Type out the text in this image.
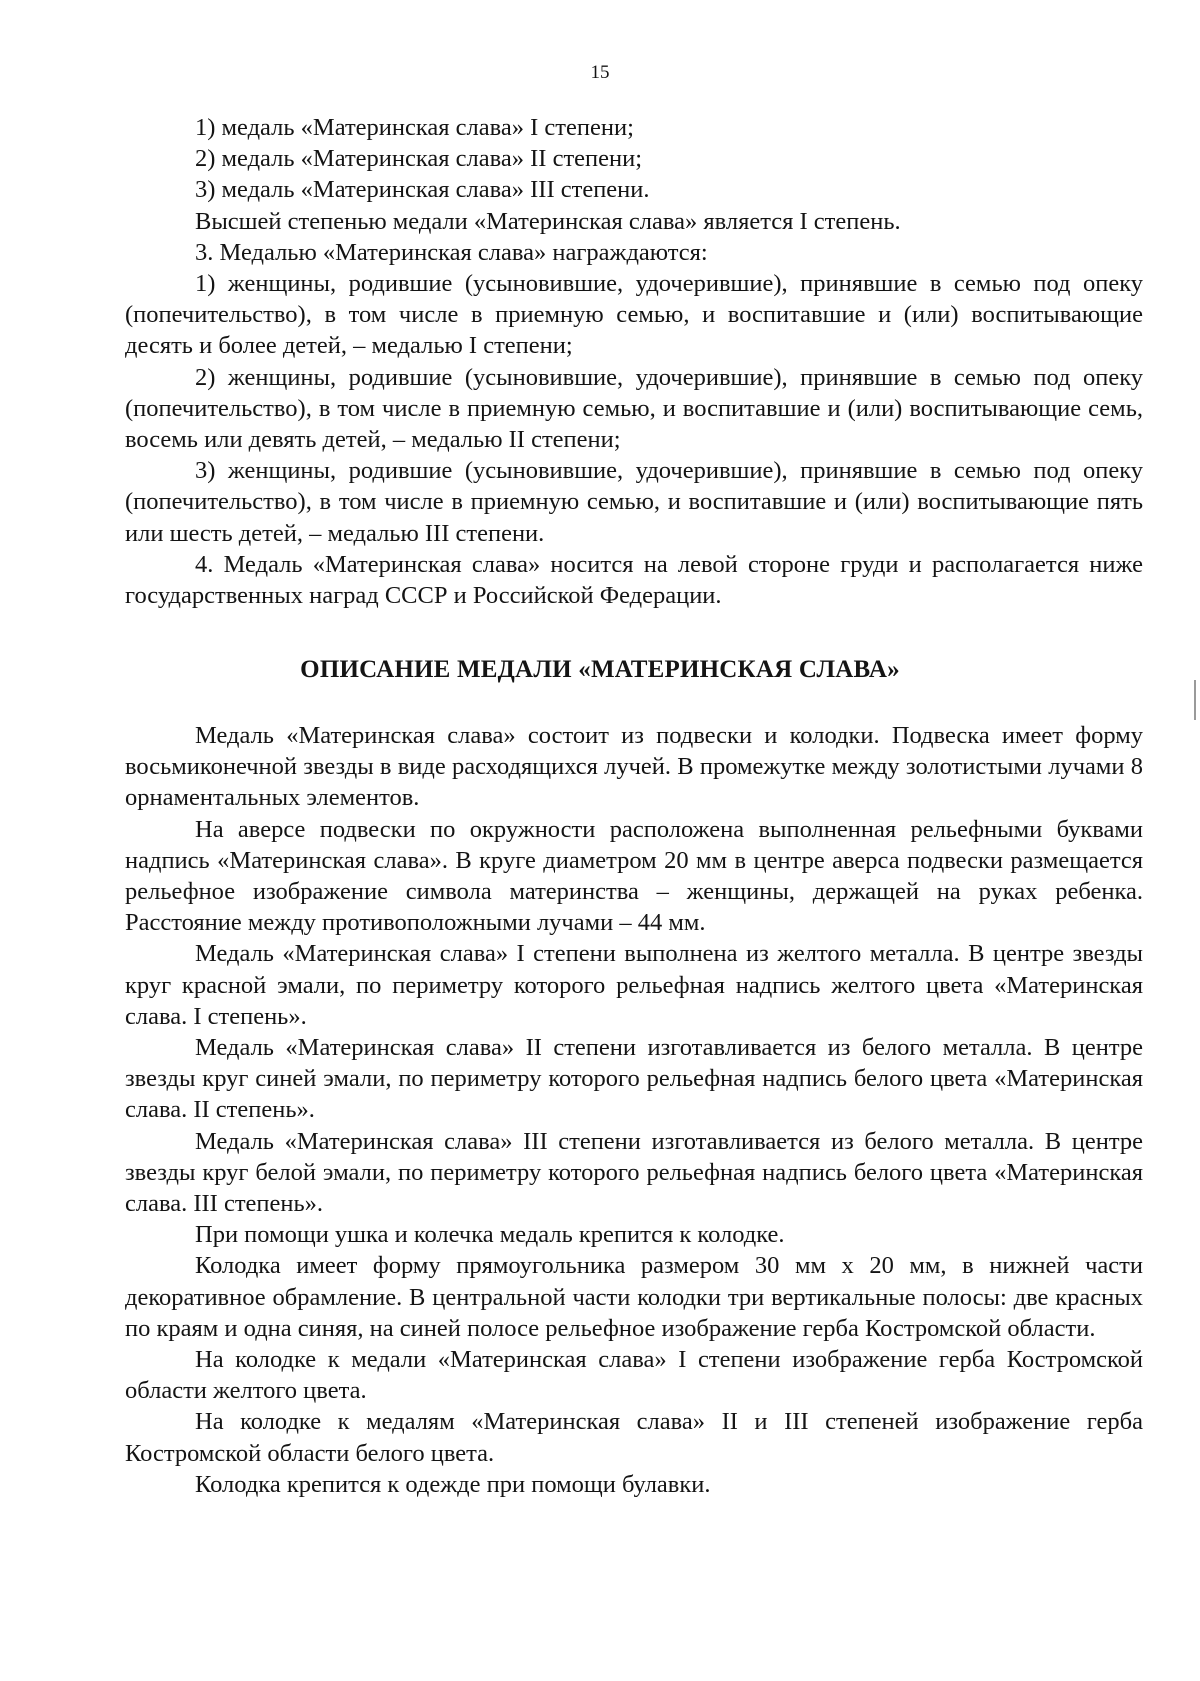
15

1) медаль «Материнская слава» I степени;

2) медаль «Материнская слава» II степени;

3) медаль «Материнская слава» III степени.

Высшей степенью медали «Материнская слава» является I степень.

3. Медалью «Материнская слава» награждаются:

1) женщины, родившие (усыновившие, удочерившие), принявшие в семью под опеку (попечительство), в том числе в приемную семью, и воспитавшие и (или) воспитывающие десять и более детей, – медалью I степени;

2) женщины, родившие (усыновившие, удочерившие), принявшие в семью под опеку (попечительство), в том числе в приемную семью, и воспитавшие и (или) воспитывающие семь, восемь или девять детей, – медалью II степени;

3) женщины, родившие (усыновившие, удочерившие), принявшие в семью под опеку (попечительство), в том числе в приемную семью, и воспитавшие и (или) воспитывающие пять или шесть детей, – медалью III степени.

4. Медаль «Материнская слава» носится на левой стороне груди и располагается ниже государственных наград СССР и Российской Федерации.

ОПИСАНИЕ МЕДАЛИ «МАТЕРИНСКАЯ СЛАВА»

Медаль «Материнская слава» состоит из подвески и колодки. Подвеска имеет форму восьмиконечной звезды в виде расходящихся лучей. В промежутке между золотистыми лучами 8 орнаментальных элементов.

На аверсе подвески по окружности расположена выполненная рельефными буквами надпись «Материнская слава». В круге диаметром 20 мм в центре аверса подвески размещается рельефное изображение символа материнства – женщины, держащей на руках ребенка. Расстояние между противоположными лучами – 44 мм.

Медаль «Материнская слава» I степени выполнена из желтого металла. В центре звезды круг красной эмали, по периметру которого рельефная надпись желтого цвета «Материнская слава. I степень».

Медаль «Материнская слава» II степени изготавливается из белого металла. В центре звезды круг синей эмали, по периметру которого рельефная надпись белого цвета «Материнская слава. II степень».

Медаль «Материнская слава» III степени изготавливается из белого металла. В центре звезды круг белой эмали, по периметру которого рельефная надпись белого цвета «Материнская слава. III степень».

При помощи ушка и колечка медаль крепится к колодке.

Колодка имеет форму прямоугольника размером 30 мм х 20 мм, в нижней части декоративное обрамление. В центральной части колодки три вертикальные полосы: две красных по краям и одна синяя, на синей полосе рельефное изображение герба Костромской области.

На колодке к медали «Материнская слава» I степени изображение герба Костромской области желтого цвета.

На колодке к медалям «Материнская слава» II и III степеней изображение герба Костромской области белого цвета.

Колодка крепится к одежде при помощи булавки.
